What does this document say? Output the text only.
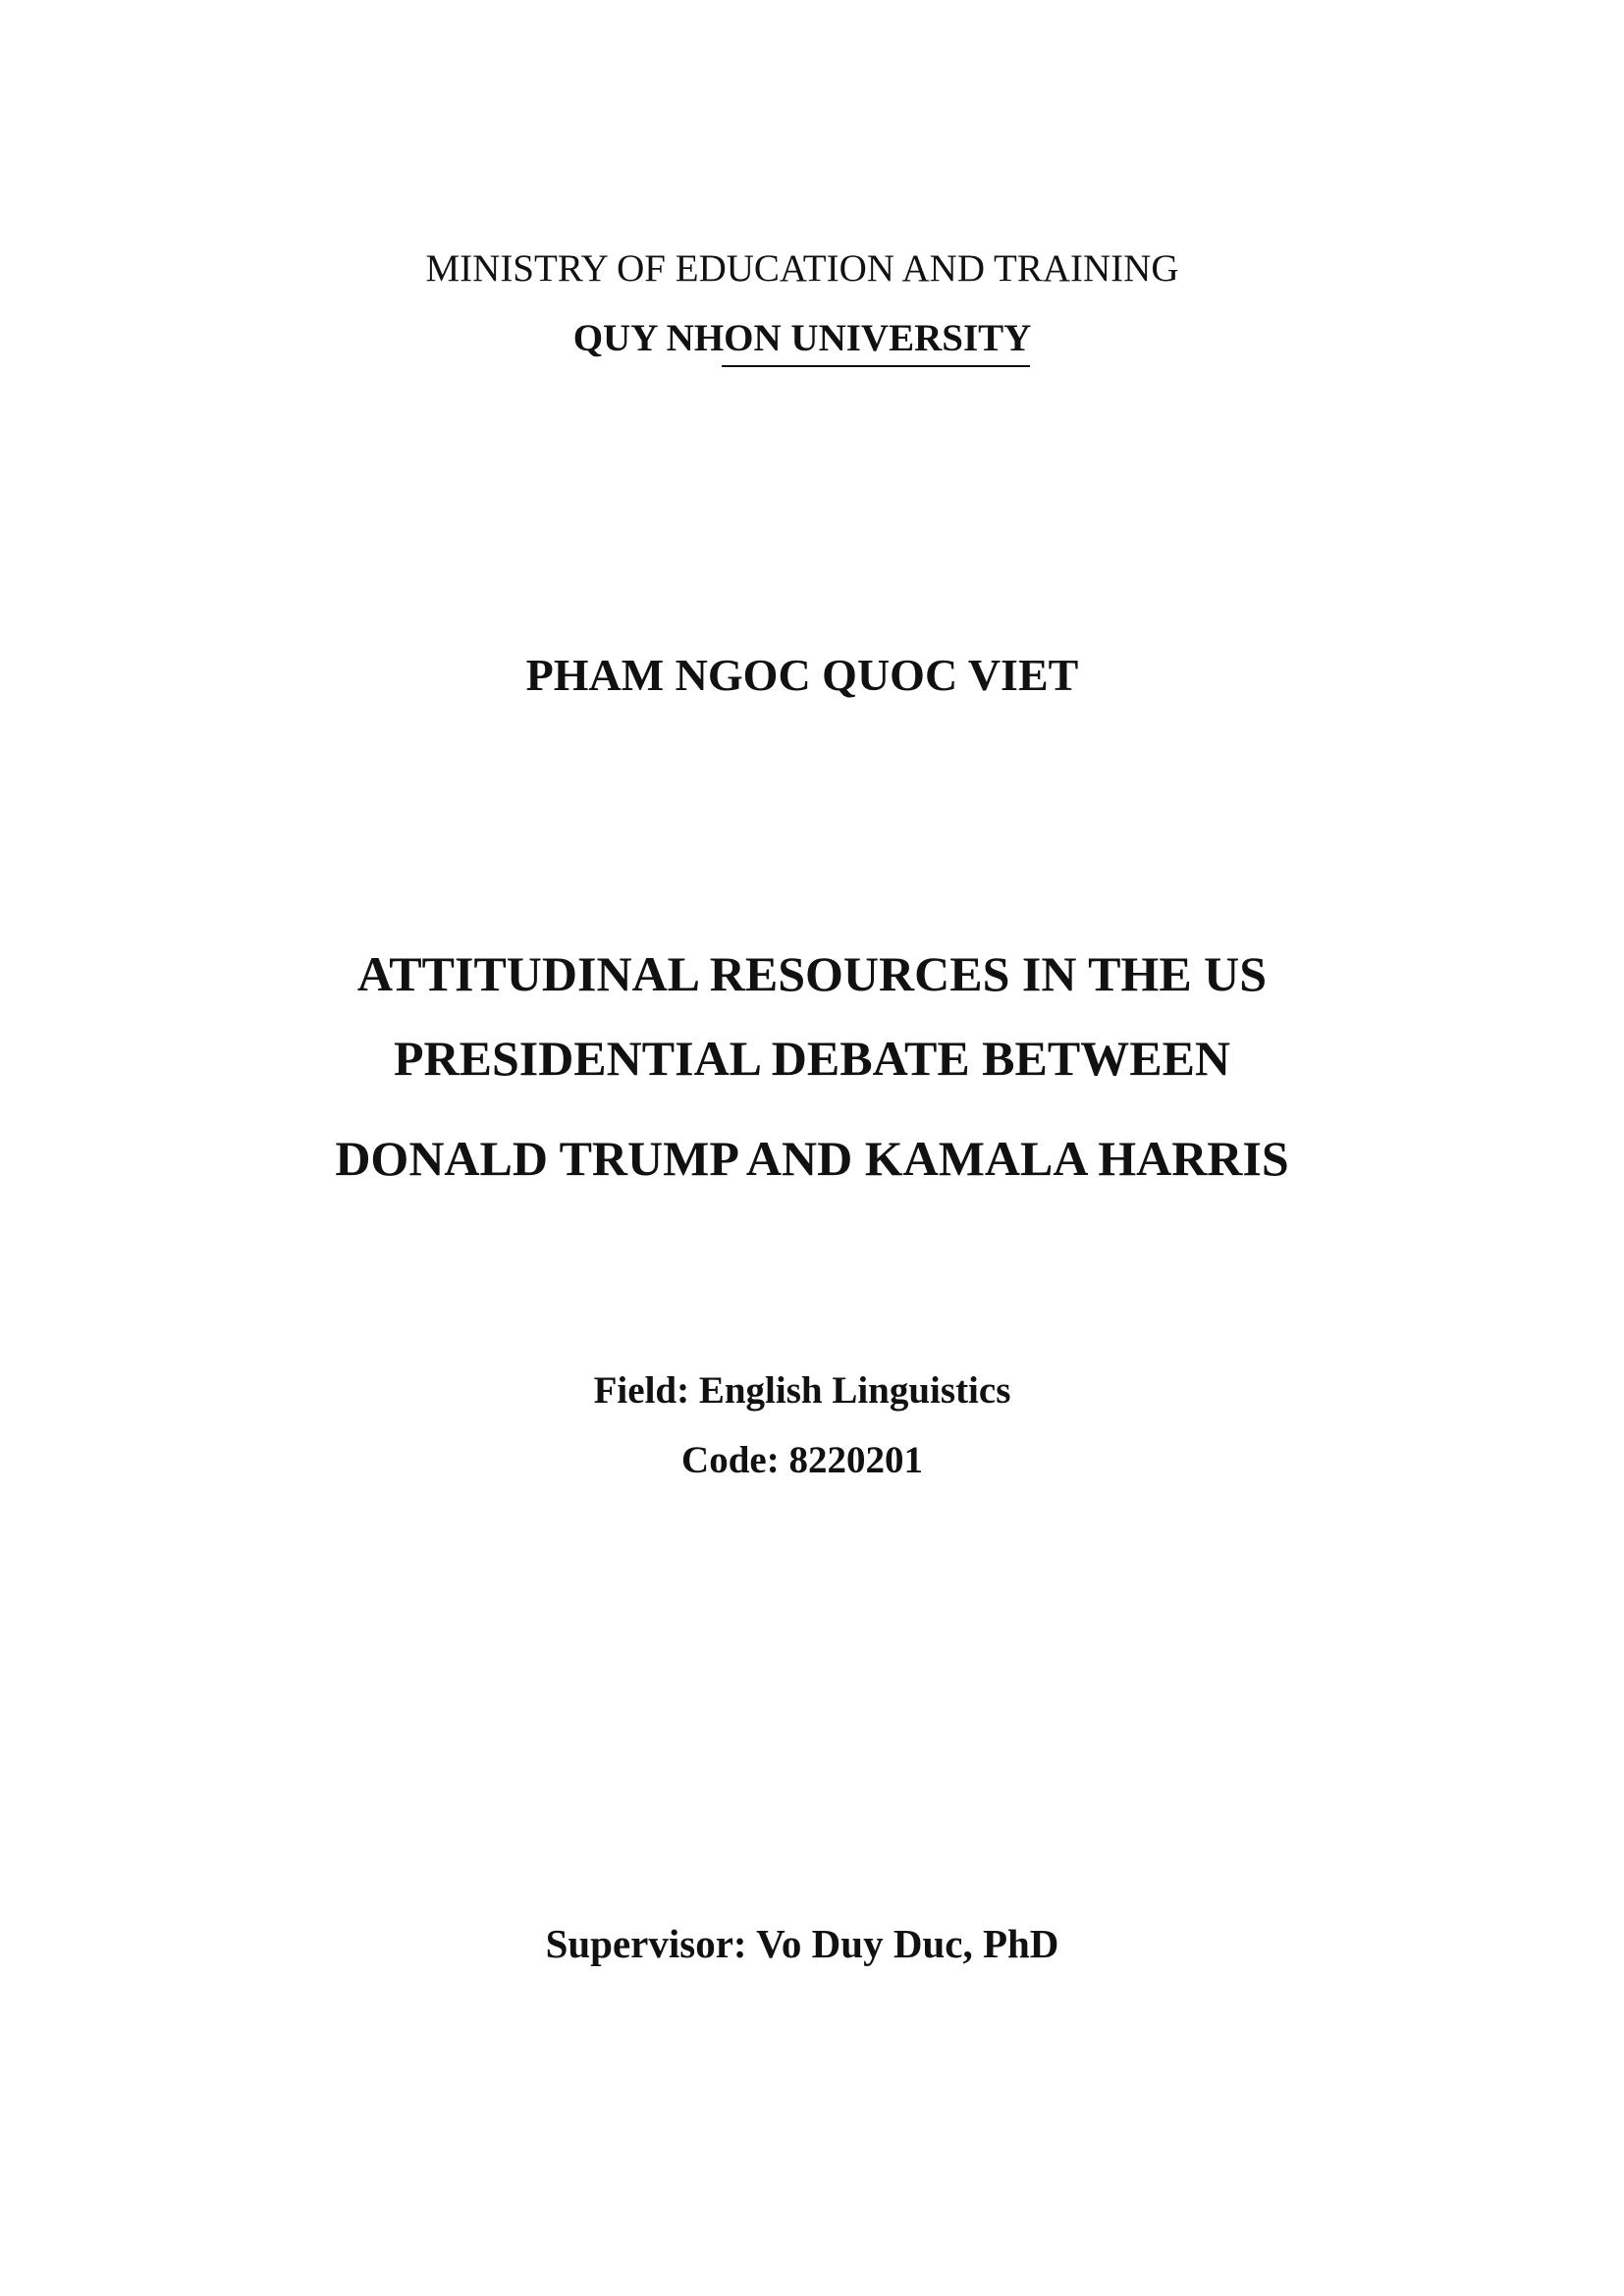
MINISTRY OF EDUCATION AND TRAINING
QUY NHON UNIVERSITY
PHAM NGOC QUOC VIET
ATTITUDINAL RESOURCES IN THE US
PRESIDENTIAL DEBATE BETWEEN
DONALD TRUMP AND KAMALA HARRIS
Field: English Linguistics
Code: 8220201
Supervisor: Vo Duy Duc, PhD
